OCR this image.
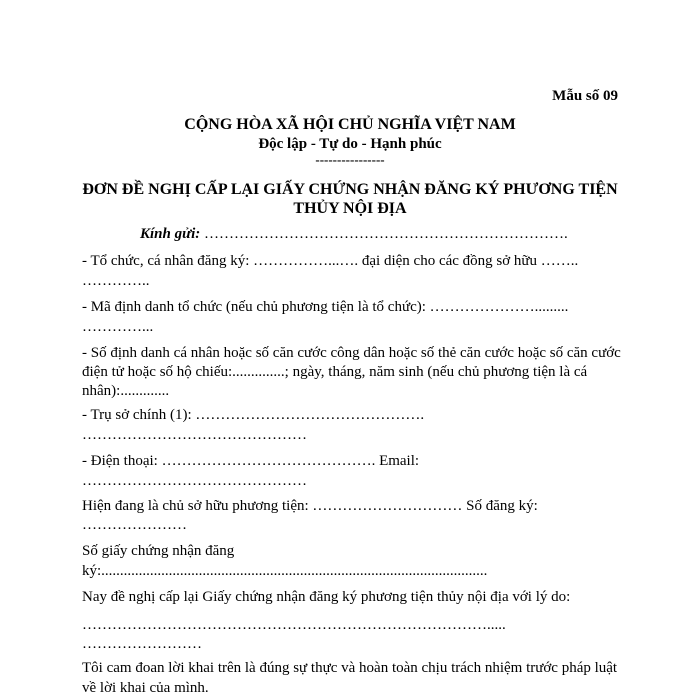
Mẫu số 09
CỘNG HÒA XÃ HỘI CHỦ NGHĨA VIỆT NAM
Độc lập - Tự do - Hạnh phúc
----------------
ĐƠN ĐỀ NGHỊ CẤP LẠI GIẤY CHỨNG NHẬN ĐĂNG KÝ PHƯƠNG TIỆN
THỦY NỘI ĐỊA
Kính gửi: ……………………………………………………………….
- Tổ chức, cá nhân đăng ký: ……………...…. đại diện cho các đồng sở hữu ……..
…………..
- Mã định danh tổ chức (nếu chủ phương tiện là tổ chức): ………………….........
…………...
- Số định danh cá nhân hoặc số căn cước công dân hoặc số thẻ căn cước hoặc số căn cước
điện tử hoặc số hộ chiếu:..............; ngày, tháng, năm sinh (nếu chủ phương tiện là cá
nhân):.............
- Trụ sở chính (1): ……………………………………….
………………………………………
- Điện thoại: ……………………………………. Email:
………………………………………
Hiện đang là chủ sở hữu phương tiện: ………………………… Số đăng ký:
…………………
Số giấy chứng nhận đăng
ký:.......................................................................................................
Nay đề nghị cấp lại Giấy chứng nhận đăng ký phương tiện thủy nội địa với lý do:
……………………………………………………………………….....
……………………
Tôi cam đoan lời khai trên là đúng sự thực và hoàn toàn chịu trách nhiệm trước pháp luật
về lời khai của mình.
